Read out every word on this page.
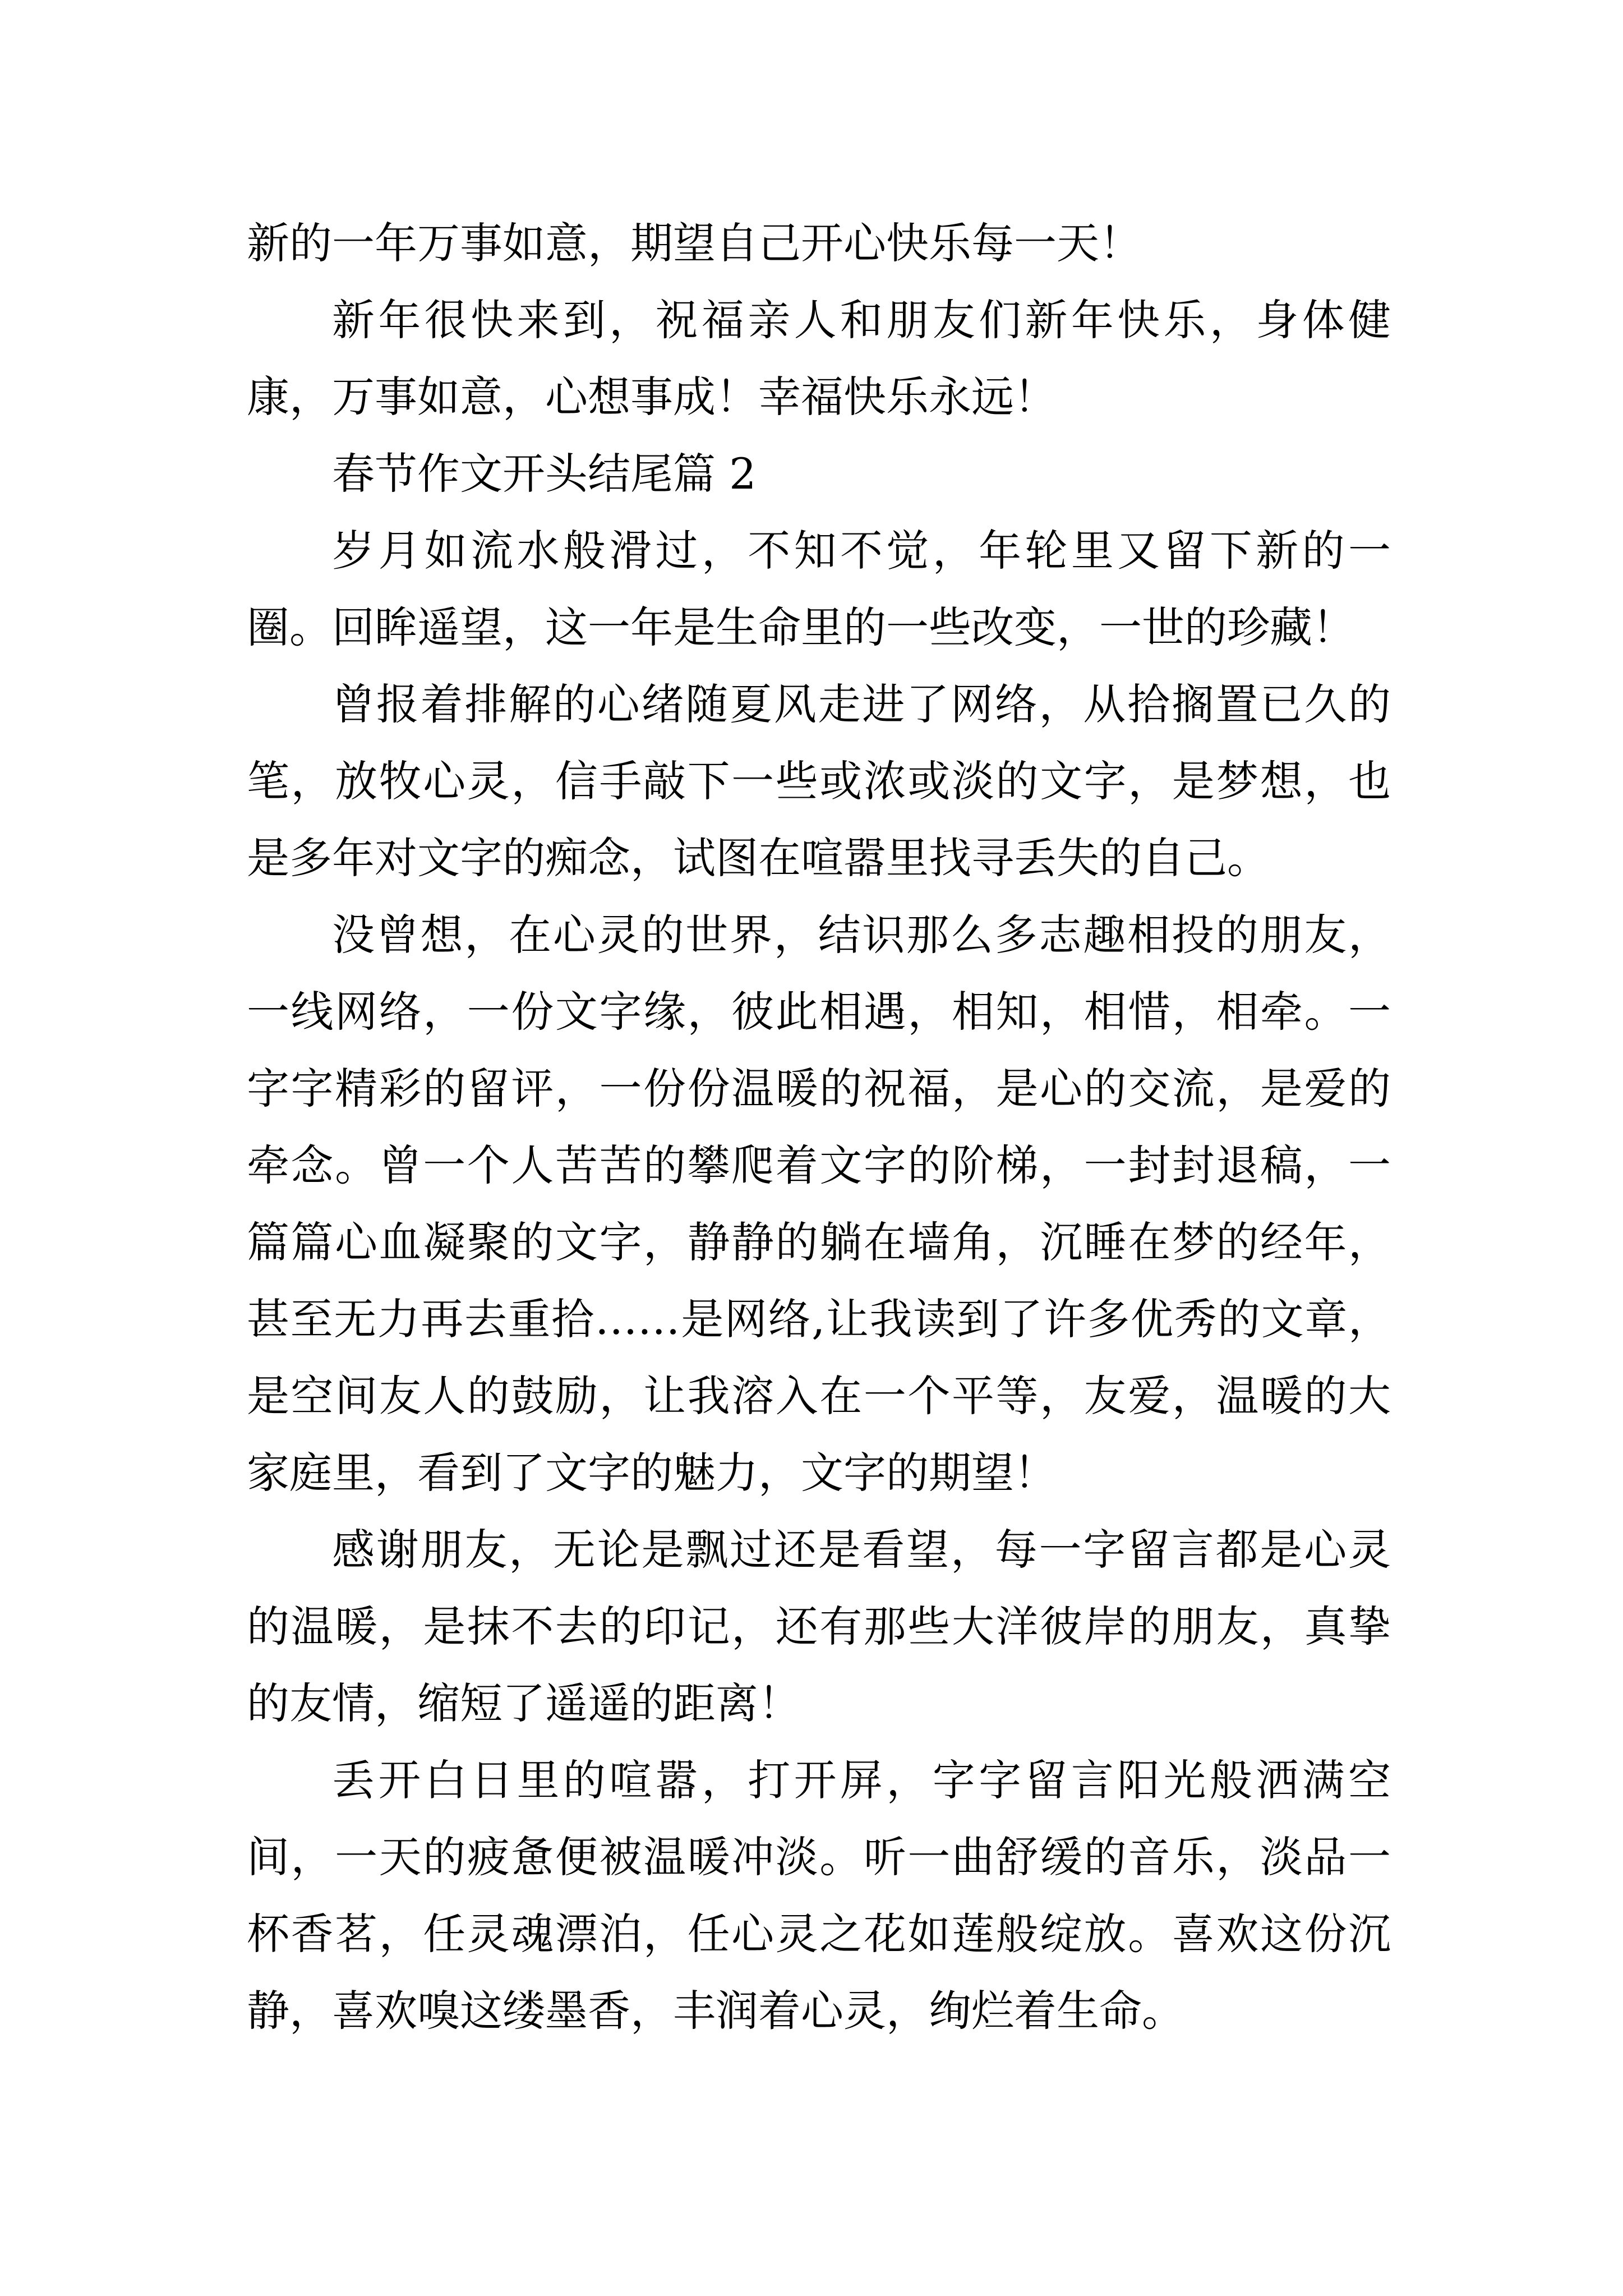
新的一年万事如意，期望自己开心快乐每一天！

新年很快来到，祝福亲人和朋友们新年快乐，身体健康，万事如意，心想事成！幸福快乐永远！

春节作文开头结尾篇 2

岁月如流水般滑过，不知不觉，年轮里又留下新的一圈。回眸遥望，这一年是生命里的一些改变，一世的珍藏！

曾报着排解的心绪随夏风走进了网络，从拾搁置已久的笔，放牧心灵，信手敲下一些或浓或淡的文字，是梦想，也是多年对文字的痴念，试图在喧嚣里找寻丢失的自己。

没曾想，在心灵的世界，结识那么多志趣相投的朋友，一线网络，一份文字缘，彼此相遇，相知，相惜，相牵。一字字精彩的留评，一份份温暖的祝福，是心的交流，是爱的牵念。曾一个人苦苦的攀爬着文字的阶梯，一封封退稿，一篇篇心血凝聚的文字，静静的躺在墙角，沉睡在梦的经年，甚至无力再去重拾……是网络,让我读到了许多优秀的文章，是空间友人的鼓励，让我溶入在一个平等，友爱，温暖的大家庭里，看到了文字的魅力，文字的期望！

感谢朋友，无论是飘过还是看望，每一字留言都是心灵的温暖，是抹不去的印记，还有那些大洋彼岸的朋友，真挚的友情，缩短了遥遥的距离！

丢开白日里的喧嚣，打开屏，字字留言阳光般洒满空间，一天的疲惫便被温暖冲淡。听一曲舒缓的音乐，淡品一杯香茗，任灵魂漂泊，任心灵之花如莲般绽放。喜欢这份沉静，喜欢嗅这缕墨香，丰润着心灵，绚烂着生命。
